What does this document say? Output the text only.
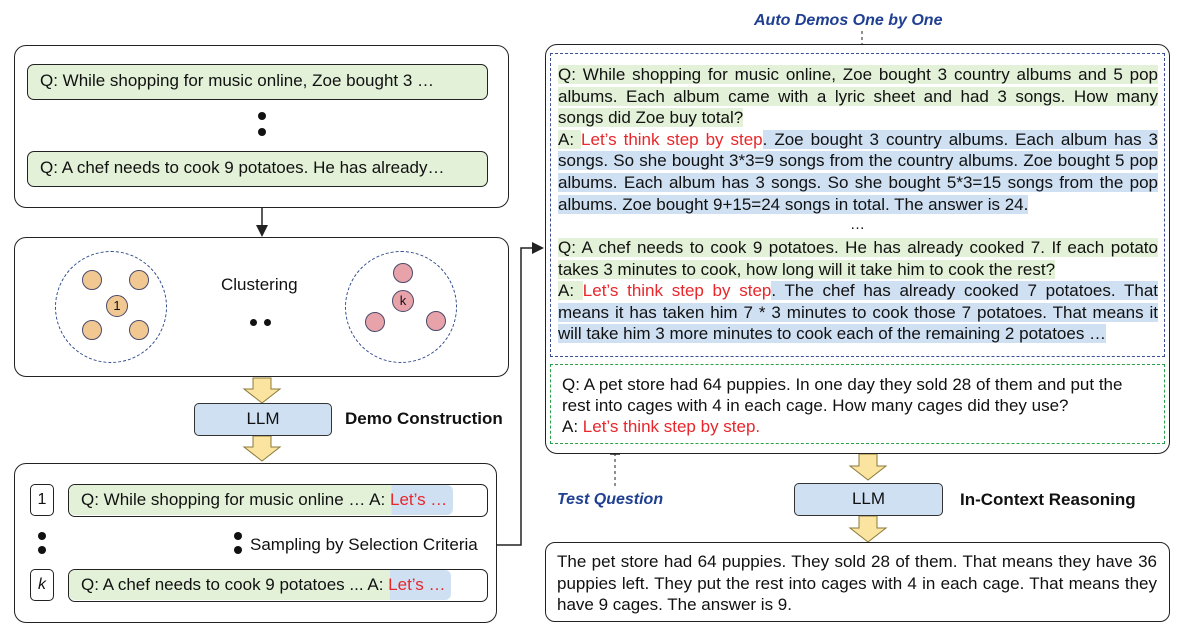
Q: While shopping for music online, Zoe bought 3 …
Q: A chef needs to cook 9 potatoes. He has already…
1
Clustering
k
LLM	Demo Construction
1	Q: While shopping for music online … A: Let’s …
Sampling by Selection Criteria
k	Q: A chef needs to cook 9 potatoes ... A: Let’s …
Auto Demos One by One
Q: While shopping for music online, Zoe bought 3 country albums and 5 pop albums. Each album came with a lyric sheet and had 3 songs. How many songs did Zoe buy total?
A: Let’s think step by step. Zoe bought 3 country albums. Each album has 3 songs. So she bought 3*3=9 songs from the country albums. Zoe bought 5 pop albums. Each album has 3 songs. So she bought 5*3=15 songs from the pop albums. Zoe bought 9+15=24 songs in total. The answer is 24.
…
Q: A chef needs to cook 9 potatoes. He has already cooked 7. If each potato takes 3 minutes to cook, how long will it take him to cook the rest?
A: Let’s think step by step. The chef has already cooked 7 potatoes. That means it has taken him 7 * 3 minutes to cook those 7 potatoes. That means it will take him 3 more minutes to cook each of the remaining 2 potatoes …
Q: A pet store had 64 puppies. In one day they sold 28 of them and put the rest into cages with 4 in each cage. How many cages did they use?
A: Let’s think step by step.
Test Question	LLM	In-Context Reasoning
The pet store had 64 puppies. They sold 28 of them. That means they have 36 puppies left. They put the rest into cages with 4 in each cage. That means they have 9 cages. The answer is 9.
